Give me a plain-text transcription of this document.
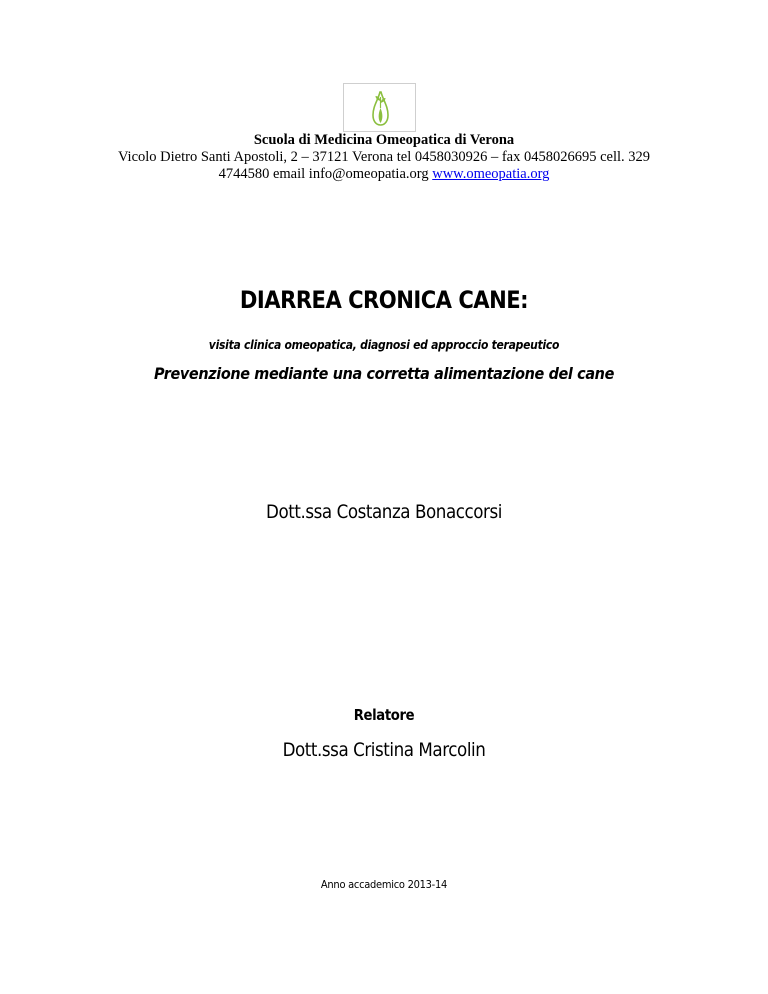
Scuola di Medicina Omeopatica di Verona
Vicolo Dietro Santi Apostoli, 2 – 37121 Verona tel 0458030926 – fax 0458026695 cell. 329
4744580 email info@omeopatia.org www.omeopatia.org
DIARREA CRONICA CANE:
visita clinica omeopatica, diagnosi ed approccio terapeutico
Prevenzione mediante una corretta alimentazione del cane
Dott.ssa Costanza Bonaccorsi
Relatore
Dott.ssa Cristina Marcolin
Anno accademico 2013-14
